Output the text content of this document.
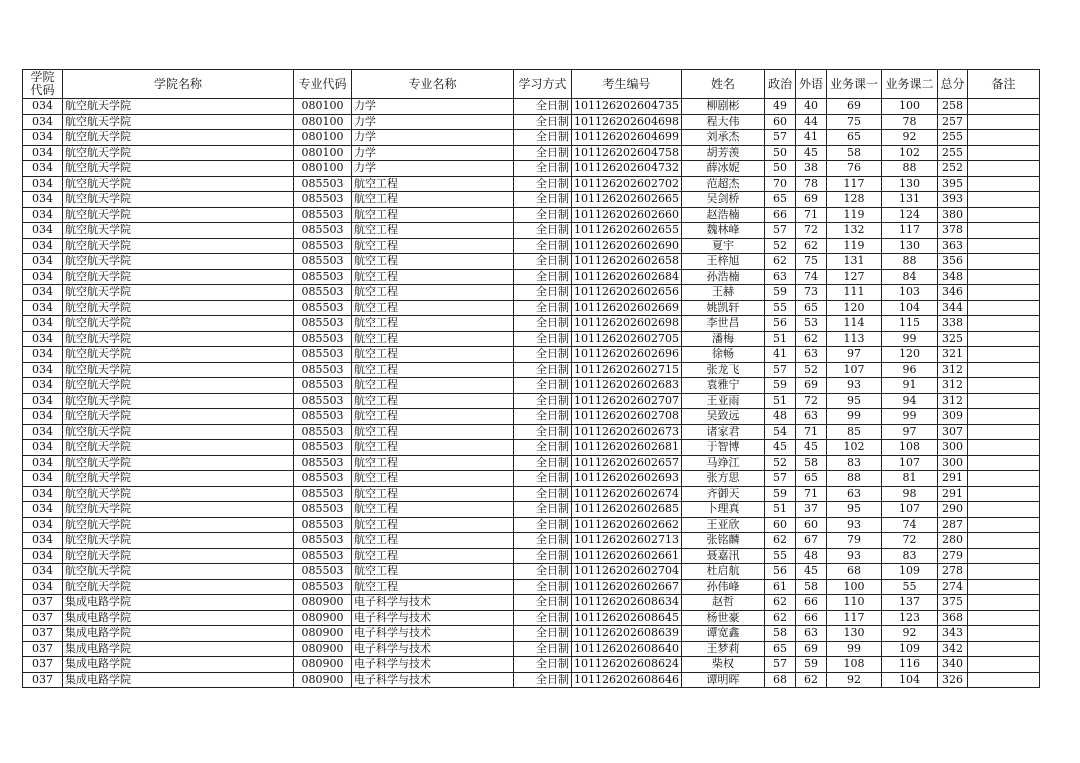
学院
代码	学院名称	专业代码	专业名称	学习方式	考生编号	姓名	政治	外语	业务课一	业务课二	总分	备注
034	航空航天学院	080100	力学	全日制	101126202604735	柳剧彬	49	40	69	100	258	
034	航空航天学院	080100	力学	全日制	101126202604698	程大伟	60	44	75	78	257	
034	航空航天学院	080100	力学	全日制	101126202604699	刘承杰	57	41	65	92	255	
034	航空航天学院	080100	力学	全日制	101126202604758	胡芳羡	50	45	58	102	255	
034	航空航天学院	080100	力学	全日制	101126202604732	薛冰妮	50	38	76	88	252	
034	航空航天学院	085503	航空工程	全日制	101126202602702	范超杰	70	78	117	130	395	
034	航空航天学院	085503	航空工程	全日制	101126202602665	吴剑桥	65	69	128	131	393	
034	航空航天学院	085503	航空工程	全日制	101126202602660	赵浩楠	66	71	119	124	380	
034	航空航天学院	085503	航空工程	全日制	101126202602655	魏林峰	57	72	132	117	378	
034	航空航天学院	085503	航空工程	全日制	101126202602690	夏宇	52	62	119	130	363	
034	航空航天学院	085503	航空工程	全日制	101126202602658	王梓旭	62	75	131	88	356	
034	航空航天学院	085503	航空工程	全日制	101126202602684	孙浩楠	63	74	127	84	348	
034	航空航天学院	085503	航空工程	全日制	101126202602656	王赫	59	73	111	103	346	
034	航空航天学院	085503	航空工程	全日制	101126202602669	姚凯轩	55	65	120	104	344	
034	航空航天学院	085503	航空工程	全日制	101126202602698	李世昌	56	53	114	115	338	
034	航空航天学院	085503	航空工程	全日制	101126202602705	潘梅	51	62	113	99	325	
034	航空航天学院	085503	航空工程	全日制	101126202602696	徐畅	41	63	97	120	321	
034	航空航天学院	085503	航空工程	全日制	101126202602715	张龙飞	57	52	107	96	312	
034	航空航天学院	085503	航空工程	全日制	101126202602683	袁雅宁	59	69	93	91	312	
034	航空航天学院	085503	航空工程	全日制	101126202602707	王亚雨	51	72	95	94	312	
034	航空航天学院	085503	航空工程	全日制	101126202602708	吴致远	48	63	99	99	309	
034	航空航天学院	085503	航空工程	全日制	101126202602673	诸家君	54	71	85	97	307	
034	航空航天学院	085503	航空工程	全日制	101126202602681	于智博	45	45	102	108	300	
034	航空航天学院	085503	航空工程	全日制	101126202602657	马竫江	52	58	83	107	300	
034	航空航天学院	085503	航空工程	全日制	101126202602693	张方思	57	65	88	81	291	
034	航空航天学院	085503	航空工程	全日制	101126202602674	齐御天	59	71	63	98	291	
034	航空航天学院	085503	航空工程	全日制	101126202602685	卜理真	51	37	95	107	290	
034	航空航天学院	085503	航空工程	全日制	101126202602662	王亚欣	60	60	93	74	287	
034	航空航天学院	085503	航空工程	全日制	101126202602713	张铭麟	62	67	79	72	280	
034	航空航天学院	085503	航空工程	全日制	101126202602661	聂嘉汛	55	48	93	83	279	
034	航空航天学院	085503	航空工程	全日制	101126202602704	杜启航	56	45	68	109	278	
034	航空航天学院	085503	航空工程	全日制	101126202602667	孙伟峰	61	58	100	55	274	
037	集成电路学院	080900	电子科学与技术	全日制	101126202608634	赵哲	62	66	110	137	375	
037	集成电路学院	080900	电子科学与技术	全日制	101126202608645	杨世豪	62	66	117	123	368	
037	集成电路学院	080900	电子科学与技术	全日制	101126202608639	谭宽鑫	58	63	130	92	343	
037	集成电路学院	080900	电子科学与技术	全日制	101126202608640	王梦莉	65	69	99	109	342	
037	集成电路学院	080900	电子科学与技术	全日制	101126202608624	柴权	57	59	108	116	340	
037	集成电路学院	080900	电子科学与技术	全日制	101126202608646	谭明晖	68	62	92	104	326	
